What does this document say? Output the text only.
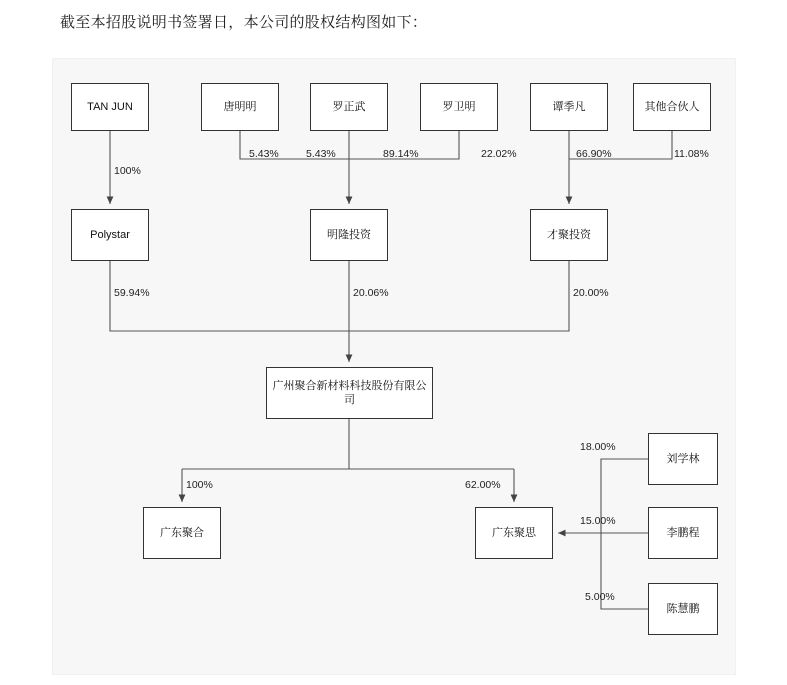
截至本招股说明书签署日，本公司的股权结构图如下：
TAN JUN	唐明明	罗正武	罗卫明	谭季凡	其他合伙人
Polystar	明隆投资	才聚投资
广州聚合新材料科技股份有限公司
广东聚合	广东聚思
刘学林
李鹏程
陈慧鹏
100%
5.43%	5.43%	89.14%	22.02%	66.90%	11.08%
59.94%	20.06%	20.00%
100%	62.00%
18.00%
15.00%
5.00%
